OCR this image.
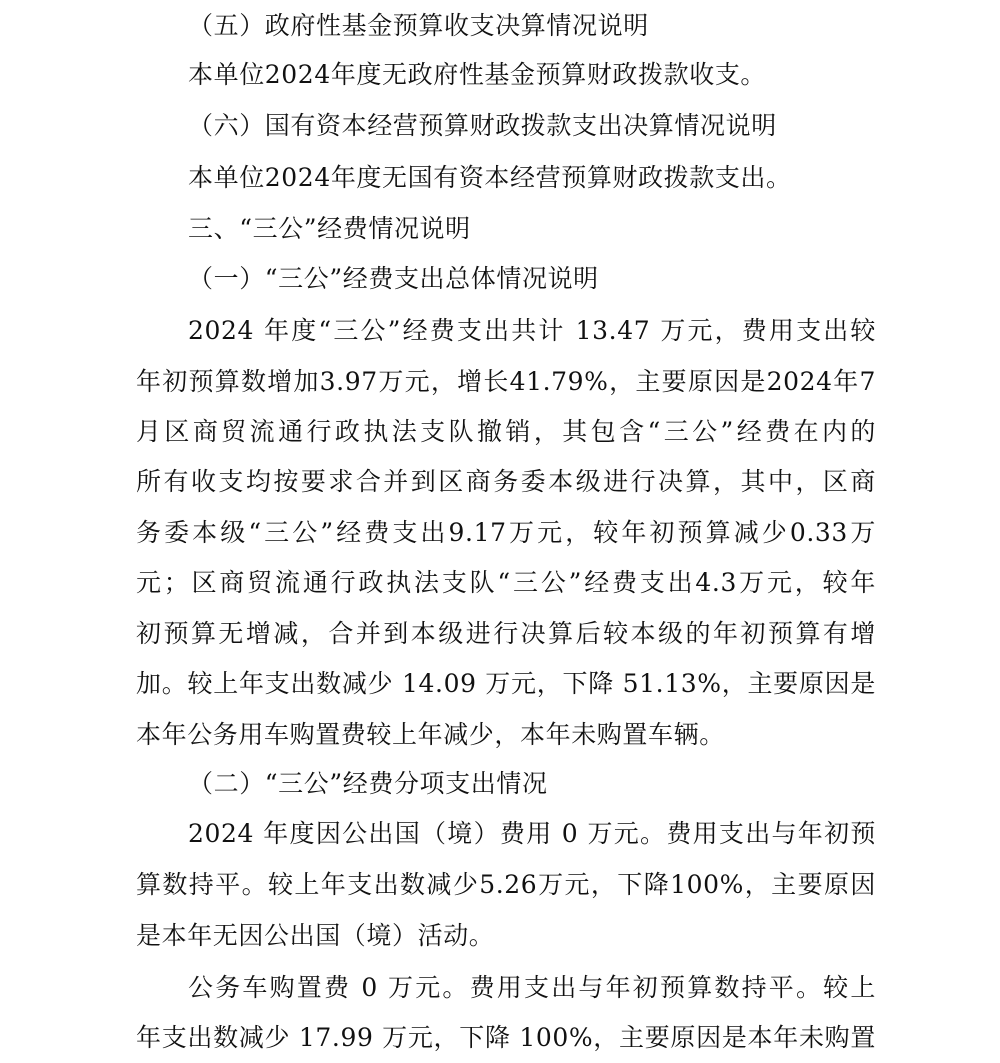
（五）政府性基金预算收支决算情况说明
本单位2024年度无政府性基金预算财政拨款收支。
（六）国有资本经营预算财政拨款支出决算情况说明
本单位2024年度无国有资本经营预算财政拨款支出。
三、“三公”经费情况说明
（一）“三公”经费支出总体情况说明
2024 年度“三公”经费支出共计 13.47 万元，费用支出较
年初预算数增加3.97万元，增长41.79%，主要原因是2024年7
月区商贸流通行政执法支队撤销，其包含“三公”经费在内的
所有收支均按要求合并到区商务委本级进行决算，其中，区商
务委本级“三公”经费支出9.17万元，较年初预算减少0.33万
元；区商贸流通行政执法支队“三公”经费支出4.3万元，较年
初预算无增减，合并到本级进行决算后较本级的年初预算有增
加。较上年支出数减少 14.09 万元，下降 51.13%，主要原因是
本年公务用车购置费较上年减少，本年未购置车辆。
（二）“三公”经费分项支出情况
2024 年度因公出国（境）费用 0 万元。费用支出与年初预
算数持平。较上年支出数减少5.26万元，下降100%，主要原因
是本年无因公出国（境）活动。
公务车购置费 0 万元。费用支出与年初预算数持平。较上
年支出数减少 17.99 万元，下降 100%，主要原因是本年未购置
